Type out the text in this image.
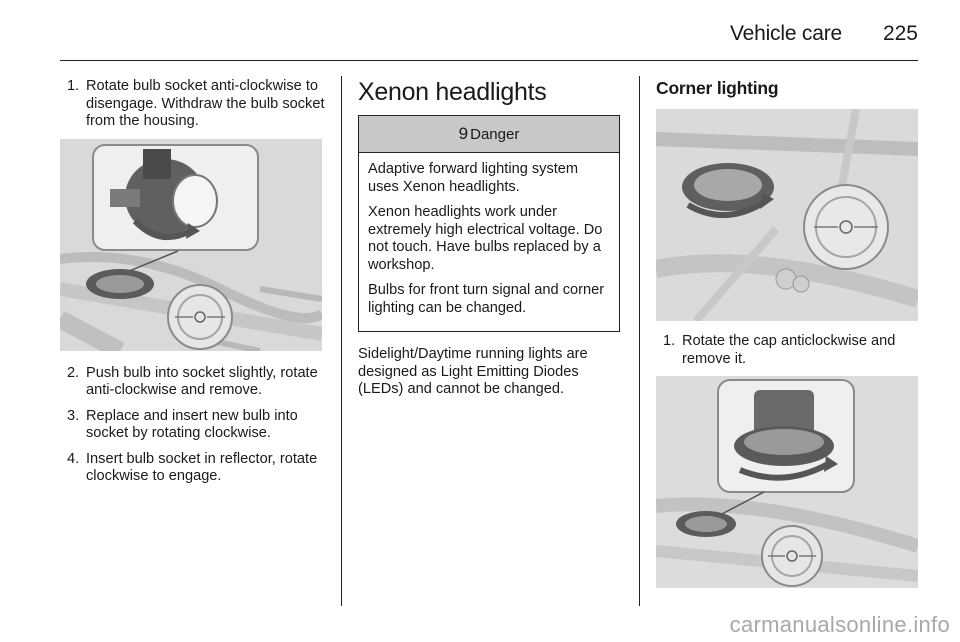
Vehicle care 225
1. Rotate bulb socket anti-clockwise to disengage. Withdraw the bulb socket from the housing.
2. Push bulb into socket slightly, rotate anti-clockwise and remove.
3. Replace and insert new bulb into socket by rotating clockwise.
4. Insert bulb socket in reflector, rotate clockwise to engage.
Xenon headlights
9 Danger

Adaptive forward lighting system uses Xenon headlights.

Xenon headlights work under extremely high electrical voltage. Do not touch. Have bulbs replaced by a workshop.

Bulbs for front turn signal and corner lighting can be changed.

Sidelight/Daytime running lights are designed as Light Emitting Diodes (LEDs) and cannot be changed.

Corner lighting
1. Rotate the cap anticlockwise and remove it.
carmanualsonline.info
